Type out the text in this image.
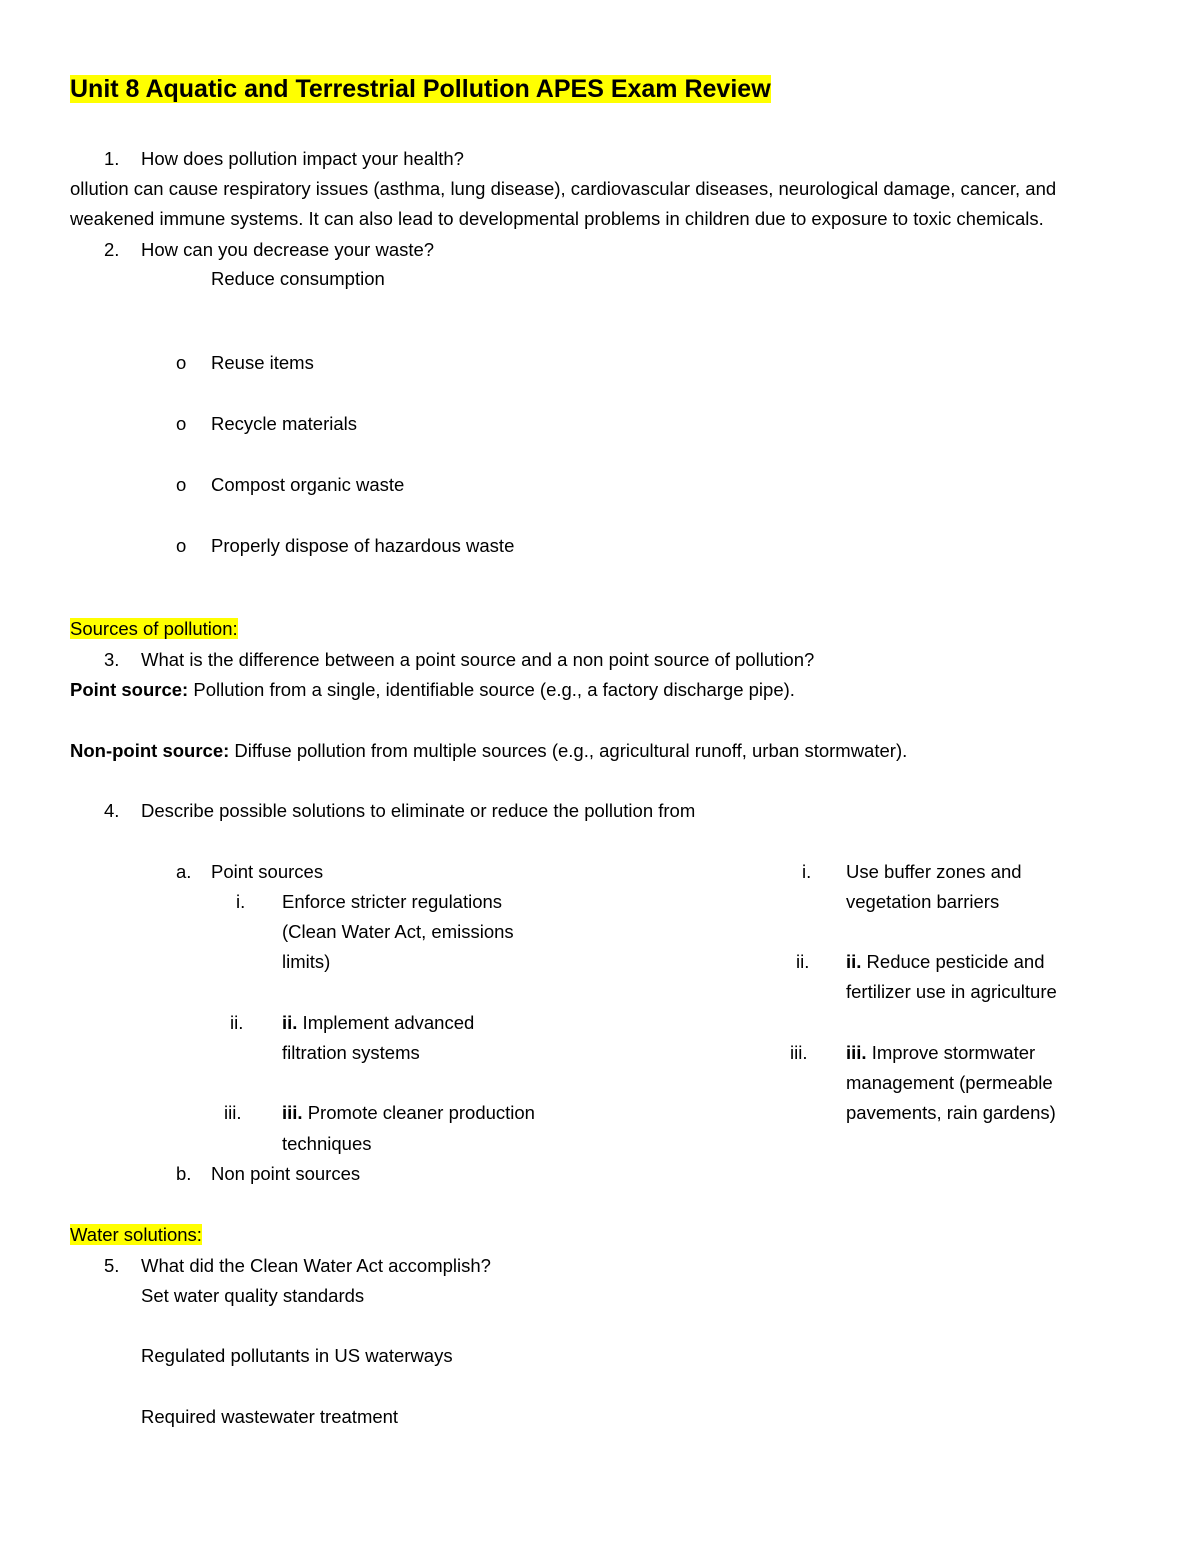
Unit 8 Aquatic and Terrestrial Pollution APES Exam Review
1. How does pollution impact your health?
ollution can cause respiratory issues (asthma, lung disease), cardiovascular diseases, neurological damage, cancer, and
weakened immune systems. It can also lead to developmental problems in children due to exposure to toxic chemicals.
2. How can you decrease your waste?
Reduce consumption
o Reuse items
o Recycle materials
o Compost organic waste
o Properly dispose of hazardous waste
Sources of pollution:
3. What is the difference between a point source and a non point source of pollution?
Point source: Pollution from a single, identifiable source (e.g., a factory discharge pipe).
Non-point source: Diffuse pollution from multiple sources (e.g., agricultural runoff, urban stormwater).
4. Describe possible solutions to eliminate or reduce the pollution from
a. Point sources
i. Enforce stricter regulations
(Clean Water Act, emissions
limits)
ii. ii. Implement advanced
filtration systems
iii. iii. Promote cleaner production
techniques
b. Non point sources
i. Use buffer zones and
vegetation barriers
ii. ii. Reduce pesticide and
fertilizer use in agriculture
iii. iii. Improve stormwater
management (permeable
pavements, rain gardens)
Water solutions:
5. What did the Clean Water Act accomplish?
Set water quality standards
Regulated pollutants in US waterways
Required wastewater treatment
